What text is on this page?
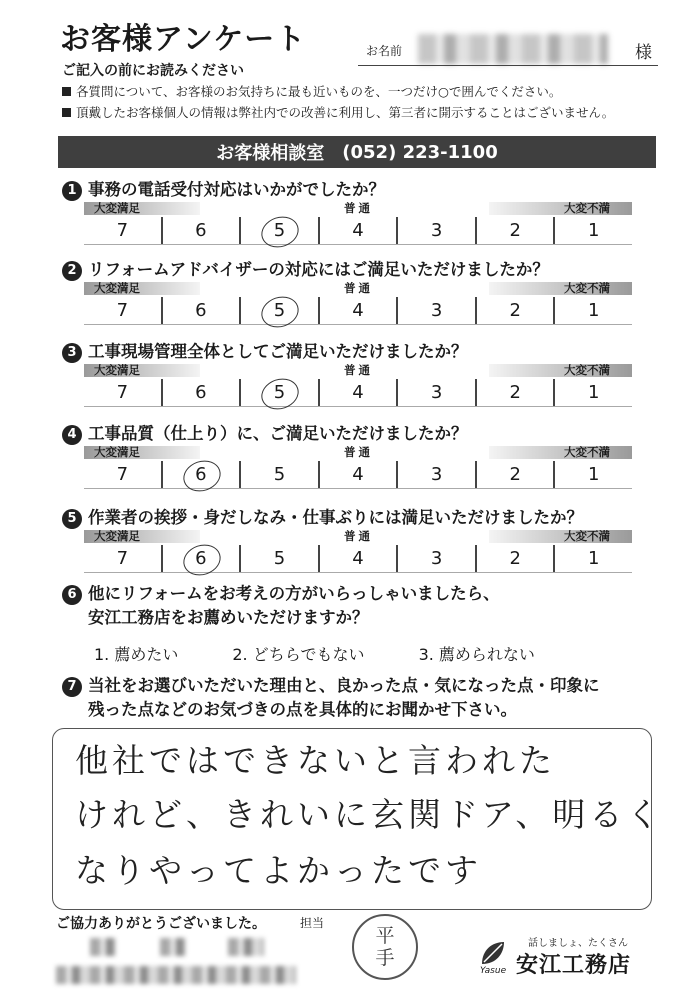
お客様アンケート	お名前	様
ご記入の前にお読みください
各質問について、お客様のお気持ちに最も近いものを、一つだけ○で囲んでください。
頂戴したお客様個人の情報は弊社内での改善に利用し、第三者に開示することはございません。
お客様相談室 (052) 223-1100
1 事務の電話受付対応はいかがでしたか？
大変満足	普通	大変不満
7	6	5	4	3	2	1
2 リフォームアドバイザーの対応にはご満足いただけましたか？
大変満足	普通	大変不満
7	6	5	4	3	2	1
3 工事現場管理全体としてご満足いただけましたか？
大変満足	普通	大変不満
7	6	5	4	3	2	1
4 工事品質（仕上り）に、ご満足いただけましたか？
大変満足	普通	大変不満
7	6	5	4	3	2	1
5 作業者の挨拶・身だしなみ・仕事ぶりには満足いただけましたか？
大変満足	普通	大変不満
7	6	5	4	3	2	1
6 他にリフォームをお考えの方がいらっしゃいましたら、
安江工務店をお薦めいただけますか？
1. 薦めたい	2. どちらでもない	3. 薦められない
7 当社をお選びいただいた理由と、良かった点・気になった点・印象に
残った点などのお気づきの点を具体的にお聞かせ下さい。
他社ではできないと言われた
けれど、きれいに玄関ドア、明るく
なりやってよかったです
ご協力ありがとうございました。	担当
平
手
話しましょ、たくさん
Yasue 安江工務店
